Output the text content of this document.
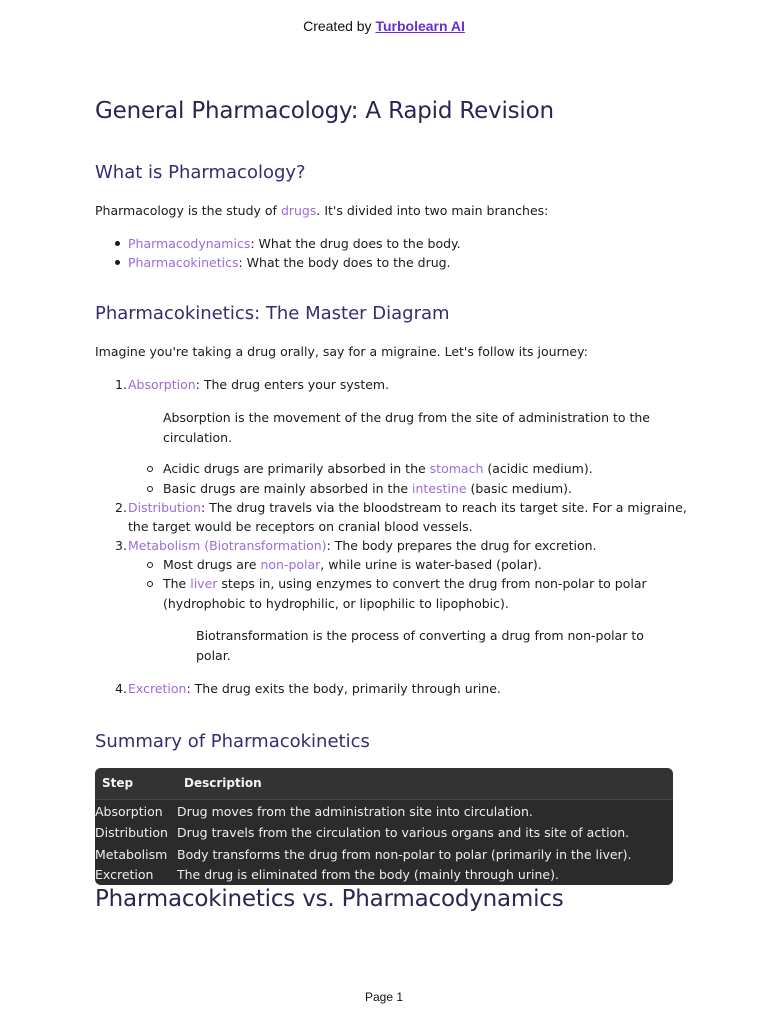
Created by Turbolearn AI
General Pharmacology: A Rapid Revision
What is Pharmacology?
Pharmacology is the study of drugs. It's divided into two main branches:
Pharmacodynamics: What the drug does to the body.
Pharmacokinetics: What the body does to the drug.
Pharmacokinetics: The Master Diagram
Imagine you're taking a drug orally, say for a migraine. Let's follow its journey:
1. Absorption: The drug enters your system.
Absorption is the movement of the drug from the site of administration to the
circulation.
Acidic drugs are primarily absorbed in the stomach (acidic medium).
Basic drugs are mainly absorbed in the intestine (basic medium).
2. Distribution: The drug travels via the bloodstream to reach its target site. For a migraine,
the target would be receptors on cranial blood vessels.
3. Metabolism (Biotransformation): The body prepares the drug for excretion.
Most drugs are non-polar, while urine is water-based (polar).
The liver steps in, using enzymes to convert the drug from non-polar to polar
(hydrophobic to hydrophilic, or lipophilic to lipophobic).
Biotransformation is the process of converting a drug from non-polar to
polar.
4. Excretion: The drug exits the body, primarily through urine.
Summary of Pharmacokinetics
Pharmacokinetics vs. Pharmacodynamics
Step	Description
Absorption Drug moves from the administration site into circulation.
Distribution Drug travels from the circulation to various organs and its site of action.
Metabolism Body transforms the drug from non-polar to polar (primarily in the liver).
Excretion The drug is eliminated from the body (mainly through urine).
Page 1
